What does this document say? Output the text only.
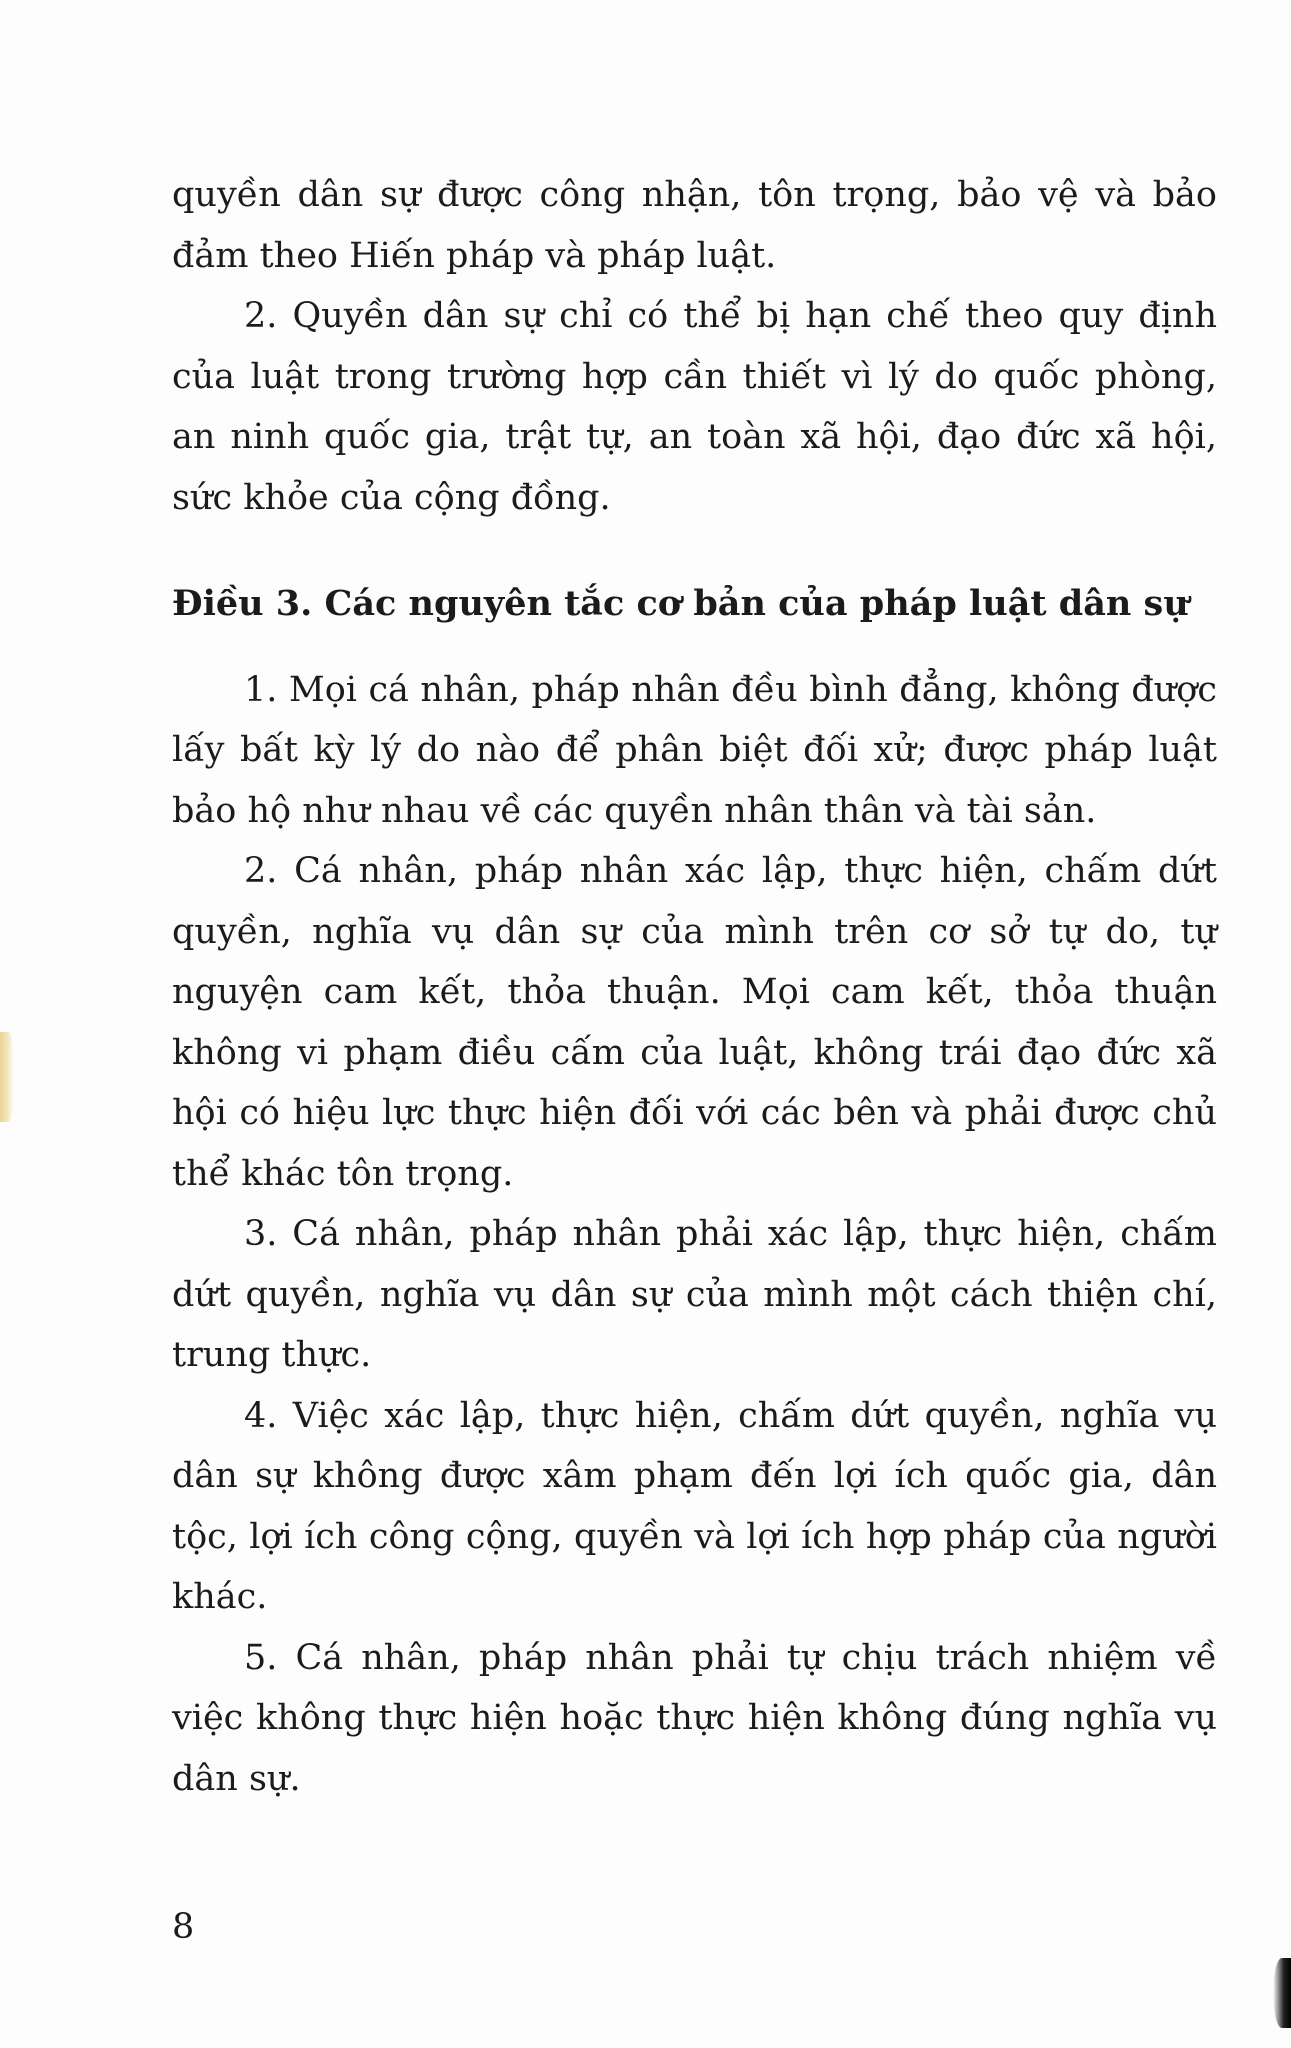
quyền dân sự được công nhận, tôn trọng, bảo vệ và bảo đảm theo Hiến pháp và pháp luật.

2. Quyền dân sự chỉ có thể bị hạn chế theo quy định của luật trong trường hợp cần thiết vì lý do quốc phòng, an ninh quốc gia, trật tự, an toàn xã hội, đạo đức xã hội, sức khỏe của cộng đồng.

Điều 3. Các nguyên tắc cơ bản của pháp luật dân sự

1. Mọi cá nhân, pháp nhân đều bình đẳng, không được lấy bất kỳ lý do nào để phân biệt đối xử; được pháp luật bảo hộ như nhau về các quyền nhân thân và tài sản.

2. Cá nhân, pháp nhân xác lập, thực hiện, chấm dứt quyền, nghĩa vụ dân sự của mình trên cơ sở tự do, tự nguyện cam kết, thỏa thuận. Mọi cam kết, thỏa thuận không vi phạm điều cấm của luật, không trái đạo đức xã hội có hiệu lực thực hiện đối với các bên và phải được chủ thể khác tôn trọng.

3. Cá nhân, pháp nhân phải xác lập, thực hiện, chấm dứt quyền, nghĩa vụ dân sự của mình một cách thiện chí, trung thực.

4. Việc xác lập, thực hiện, chấm dứt quyền, nghĩa vụ dân sự không được xâm phạm đến lợi ích quốc gia, dân tộc, lợi ích công cộng, quyền và lợi ích hợp pháp của người khác.

5. Cá nhân, pháp nhân phải tự chịu trách nhiệm về việc không thực hiện hoặc thực hiện không đúng nghĩa vụ dân sự.

8
